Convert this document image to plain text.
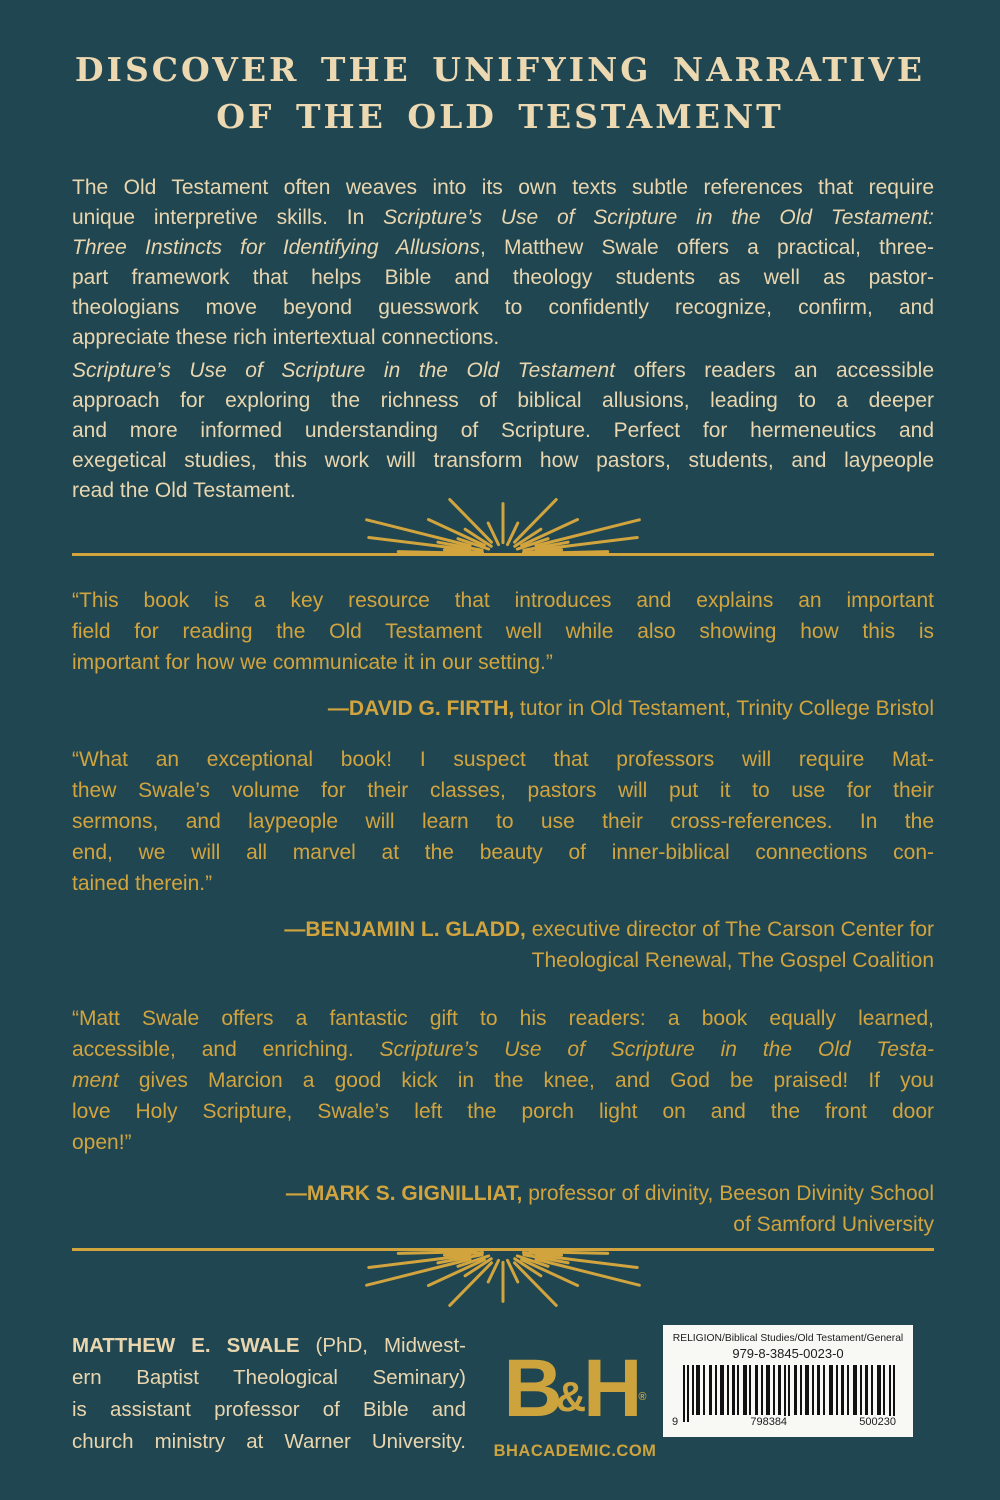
DISCOVER THE UNIFYING NARRATIVE
OF THE OLD TESTAMENT
The Old Testament often weaves into its own texts subtle references that require
unique interpretive skills. In Scripture’s Use of Scripture in the Old Testament:
Three Instincts for Identifying Allusions, Matthew Swale offers a practical, three-
part framework that helps Bible and theology students as well as pastor-
theologians move beyond guesswork to confidently recognize, confirm, and
appreciate these rich intertextual connections.
Scripture’s Use of Scripture in the Old Testament offers readers an accessible
approach for exploring the richness of biblical allusions, leading to a deeper
and more informed understanding of Scripture. Perfect for hermeneutics and
exegetical studies, this work will transform how pastors, students, and laypeople
read the Old Testament.
“This book is a key resource that introduces and explains an important
field for reading the Old Testament well while also showing how this is
important for how we communicate it in our setting.”
—DAVID G. FIRTH, tutor in Old Testament, Trinity College Bristol
“What an exceptional book! I suspect that professors will require Mat-
thew Swale’s volume for their classes, pastors will put it to use for their
sermons, and laypeople will learn to use their cross-references. In the
end, we will all marvel at the beauty of inner-biblical connections con-
tained therein.”
—BENJAMIN L. GLADD, executive director of The Carson Center for
Theological Renewal, The Gospel Coalition
“Matt Swale offers a fantastic gift to his readers: a book equally learned,
accessible, and enriching. Scripture’s Use of Scripture in the Old Testa-
ment gives Marcion a good kick in the knee, and God be praised! If you
love Holy Scripture, Swale’s left the porch light on and the front door
open!”
—MARK S. GIGNILLIAT, professor of divinity, Beeson Divinity School
of Samford University
MATTHEW E. SWALE (PhD, Midwest-
ern Baptist Theological Seminary)
is assistant professor of Bible and
church ministry at Warner University.
B
&
H ®
BHACADEMIC.COM
RELIGION/Biblical Studies/Old Testament/General
979-8-3845-0023-0
9	798384	500230
